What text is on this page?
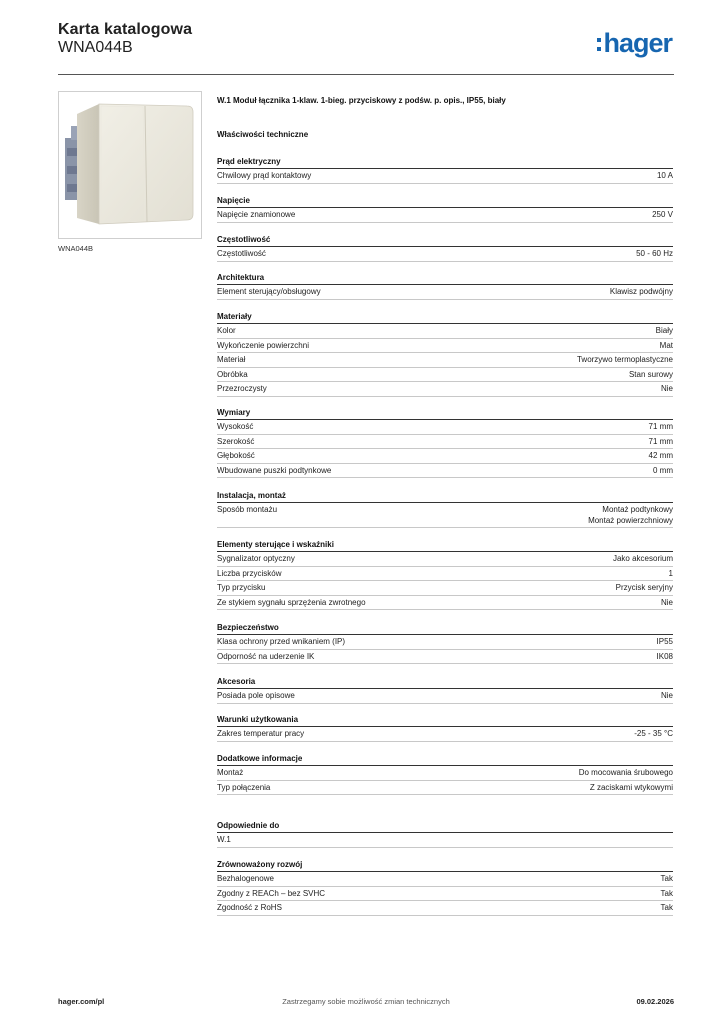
Karta katalogowa
WNA044B	hager
WNA044B
W.1 Moduł łącznika 1-klaw. 1-bieg. przyciskowy z podśw. p. opis., IP55, biały
Właściwości techniczne
Prąd elektryczny
Chwilowy prąd kontaktowy	10 A
Napięcie
Napięcie znamionowe	250 V
Częstotliwość
Częstotliwość	50 - 60 Hz
Architektura
Element sterujący/obsługowy	Klawisz podwójny
Materiały
Kolor	Biały
Wykończenie powierzchni	Mat
Materiał	Tworzywo termoplastyczne
Obróbka	Stan surowy
Przezroczysty	Nie
Wymiary
Wysokość	71 mm
Szerokość	71 mm
Głębokość	42 mm
Wbudowane puszki podtynkowe	0 mm
Instalacja, montaż
Sposób montażu	Montaż podtynkowy
Montaż powierzchniowy
Elementy sterujące i wskaźniki
Sygnalizator optyczny	Jako akcesorium
Liczba przycisków	1
Typ przycisku	Przycisk seryjny
Ze stykiem sygnału sprzężenia zwrotnego	Nie
Bezpieczeństwo
Klasa ochrony przed wnikaniem (IP)	IP55
Odporność na uderzenie IK	IK08
Akcesoria
Posiada pole opisowe	Nie
Warunki użytkowania
Zakres temperatur pracy	-25 - 35 °C
Dodatkowe informacje
Montaż	Do mocowania śrubowego
Typ połączenia	Z zaciskami wtykowymi
Odpowiednie do
W.1
Zrównoważony rozwój
Bezhalogenowe	Tak
Zgodny z REACh – bez SVHC	Tak
Zgodność z RoHS	Tak
Zastrzegamy sobie możliwość zmian technicznych
hager.com/pl	09.02.2026
